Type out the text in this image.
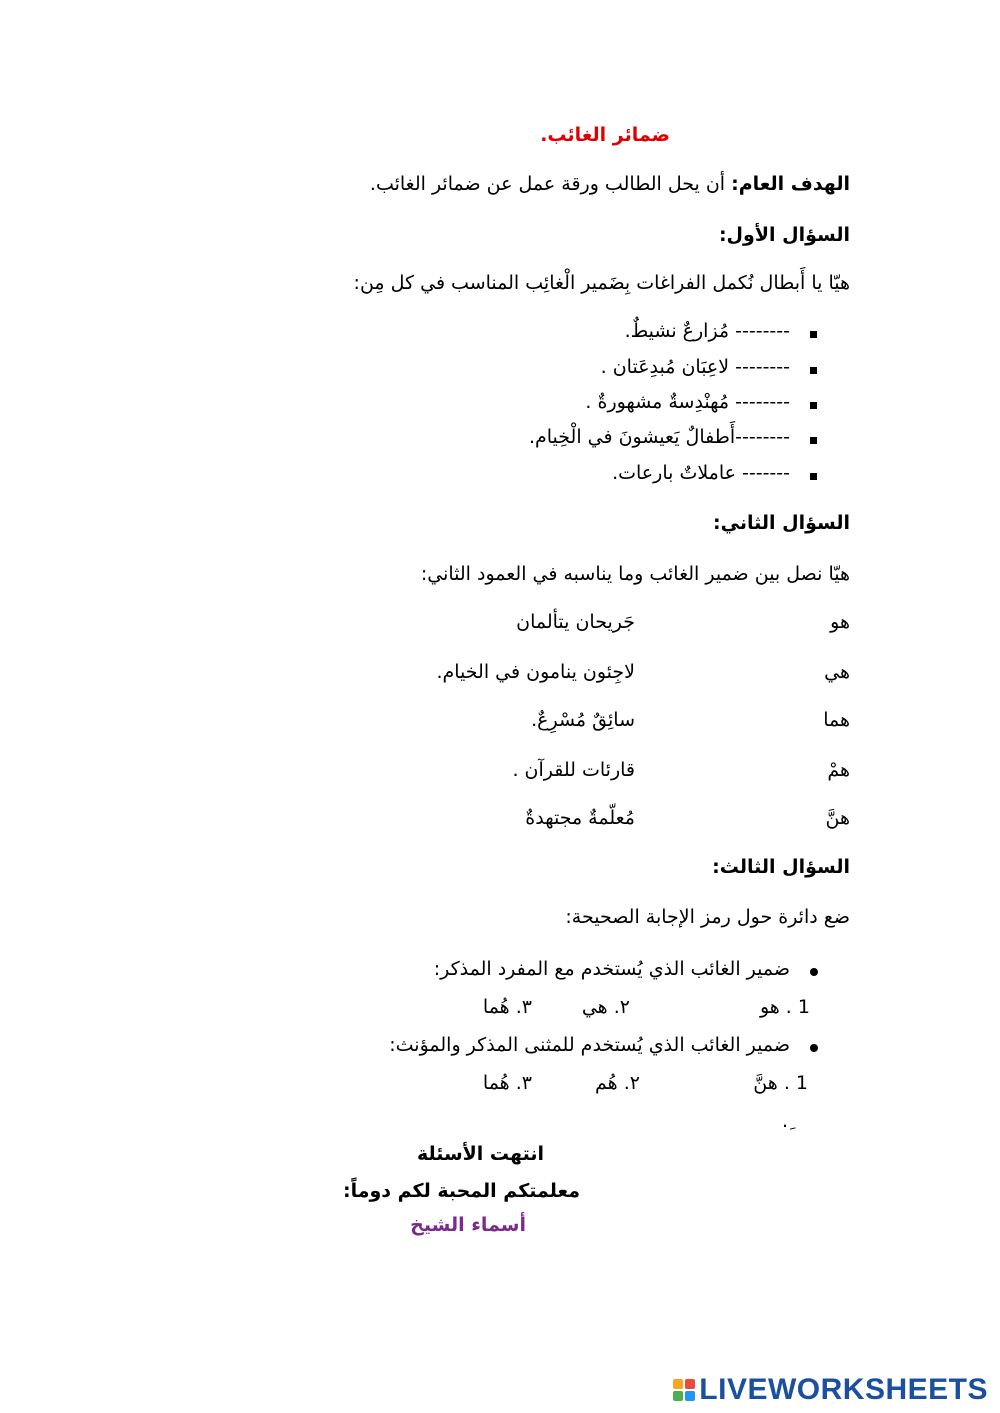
ضمائر الغائب.
الهدف العام: أن يحل الطالب ورقة عمل عن ضمائر الغائب.
السؤال الأول:
هيّا يا أَبطال نُكمل الفراغات بِضَمير الْغائِب المناسب في كل مِن:
-------- مُزارعٌ نشيطٌ.
-------- لاعِبَان مُبدِعَتان .
-------- مُهنْدِسةٌ مشهورةٌ .
--------أَطفالٌ يَعيشونَ في الْخِيام.
------- عاملاتٌ بارعات.
السؤال الثاني:
هيّا نصل بين ضمير الغائب وما يناسبه في العمود الثاني:
هو
جَريحان يتألمان
هي
لاجِئون ينامون في الخيام.
هما
سائِقٌ مُسْرِعٌ.
همْ
قارئات للقرآن .
هنَّ
مُعلّمةٌ مجتهدةٌ
السؤال الثالث:
ضع دائرة حول رمز الإجابة الصحيحة:
ضمير الغائب الذي يُستخدم مع المفرد المذكر:
1 . هو
٢. هي
٣. هُما
ضمير الغائب الذي يُستخدم للمثنى المذكر والمؤنث:
1 . هنَّ
٢. هُم
٣. هُما
ِ.
انتهت الأسئلة
معلمتكم المحبة لكم دوماً:
أسماء الشيخ
LIVEWORKSHEETS
